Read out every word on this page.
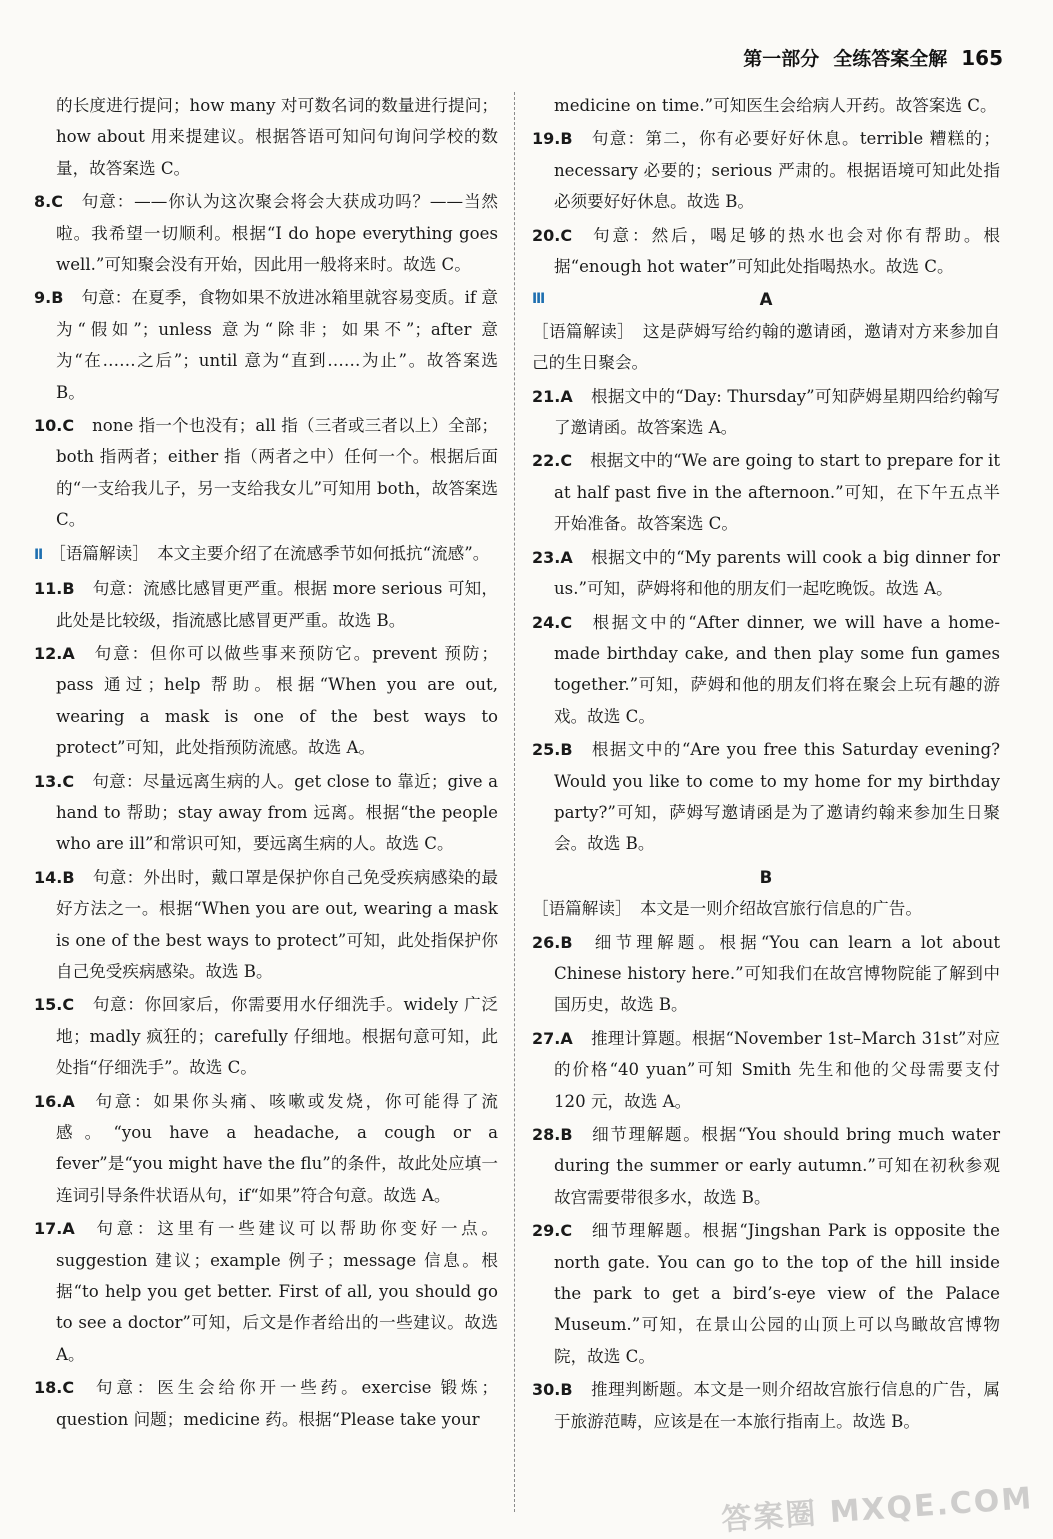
第一部分 全练答案全解 165

的长度进行提问；how many 对可数名词的数量进行提问；how about 用来提建议。根据答语可知问句询问学校的数量，故答案选 C。

8.C 句意：——你认为这次聚会将会大获成功吗？——当然啦。我希望一切顺利。根据“I do hope everything goes well.”可知聚会没有开始，因此用一般将来时。故选 C。

9.B 句意：在夏季，食物如果不放进冰箱里就容易变质。if 意为“假如”；unless 意为“除非；如果不”；after 意为“在……之后”；until 意为“直到……为止”。故答案选 B。

10.C none 指一个也没有；all 指（三者或三者以上）全部；both 指两者；either 指（两者之中）任何一个。根据后面的“一支给我儿子，另一支给我女儿”可知用 both，故答案选 C。

Ⅱ ［语篇解读］　本文主要介绍了在流感季节如何抵抗“流感”。

11.B 句意：流感比感冒更严重。根据 more serious 可知，此处是比较级，指流感比感冒更严重。故选 B。

12.A 句意：但你可以做些事来预防它。prevent 预防；pass 通过；help 帮助。根据“When you are out, wearing a mask is one of the best ways to protect”可知，此处指预防流感。故选 A。

13.C 句意：尽量远离生病的人。get close to 靠近；give a hand to 帮助；stay away from 远离。根据“the people who are ill”和常识可知，要远离生病的人。故选 C。

14.B 句意：外出时，戴口罩是保护你自己免受疾病感染的最好方法之一。根据“When you are out, wearing a mask is one of the best ways to protect”可知，此处指保护你自己免受疾病感染。故选 B。

15.C 句意：你回家后，你需要用水仔细洗手。widely 广泛地；madly 疯狂的；carefully 仔细地。根据句意可知，此处指“仔细洗手”。故选 C。

16.A 句意：如果你头痛、咳嗽或发烧，你可能得了流感。“you have a headache, a cough or a fever”是“you might have the flu”的条件，故此处应填一连词引导条件状语从句，if“如果”符合句意。故选 A。

17.A 句意：这里有一些建议可以帮助你变好一点。suggestion 建议；example 例子；message 信息。根据“to help you get better. First of all, you should go to see a doctor”可知，后文是作者给出的一些建议。故选 A。

18.C 句意：医生会给你开一些药。exercise 锻炼；question 问题；medicine 药。根据“Please take your

medicine on time.”可知医生会给病人开药。故答案选 C。

19.B 句意：第二，你有必要好好休息。terrible 糟糕的；necessary 必要的；serious 严肃的。根据语境可知此处指必须要好好休息。故选 B。

20.C 句意：然后，喝足够的热水也会对你有帮助。根据“enough hot water”可知此处指喝热水。故选 C。

Ⅲ	A

［语篇解读］　这是萨姆写给约翰的邀请函，邀请对方来参加自己的生日聚会。

21.A 根据文中的“Day: Thursday”可知萨姆星期四给约翰写了邀请函。故答案选 A。

22.C 根据文中的“We are going to start to prepare for it at half past five in the afternoon.”可知，在下午五点半开始准备。故答案选 C。

23.A 根据文中的“My parents will cook a big dinner for us.”可知，萨姆将和他的朋友们一起吃晚饭。故选 A。

24.C 根据文中的“After dinner, we will have a home-made birthday cake, and then play some fun games together.”可知，萨姆和他的朋友们将在聚会上玩有趣的游戏。故选 C。

25.B 根据文中的“Are you free this Saturday evening? Would you like to come to my home for my birthday party?”可知，萨姆写邀请函是为了邀请约翰来参加生日聚会。故选 B。

B

［语篇解读］　本文是一则介绍故宫旅行信息的广告。

26.B 细节理解题。根据“You can learn a lot about Chinese history here.”可知我们在故宫博物院能了解到中国历史，故选 B。

27.A 推理计算题。根据“November 1st–March 31st”对应的价格“40 yuan”可知 Smith 先生和他的父母需要支付 120 元，故选 A。

28.B 细节理解题。根据“You should bring much water during the summer or early autumn.”可知在初秋参观故宫需要带很多水，故选 B。

29.C 细节理解题。根据“Jingshan Park is opposite the north gate. You can go to the top of the hill inside the park to get a bird’s-eye view of the Palace Museum.”可知，在景山公园的山顶上可以鸟瞰故宫博物院，故选 C。

30.B 推理判断题。本文是一则介绍故宫旅行信息的广告，属于旅游范畴，应该是在一本旅行指南上。故选 B。

答案圈 MXQE.COM
